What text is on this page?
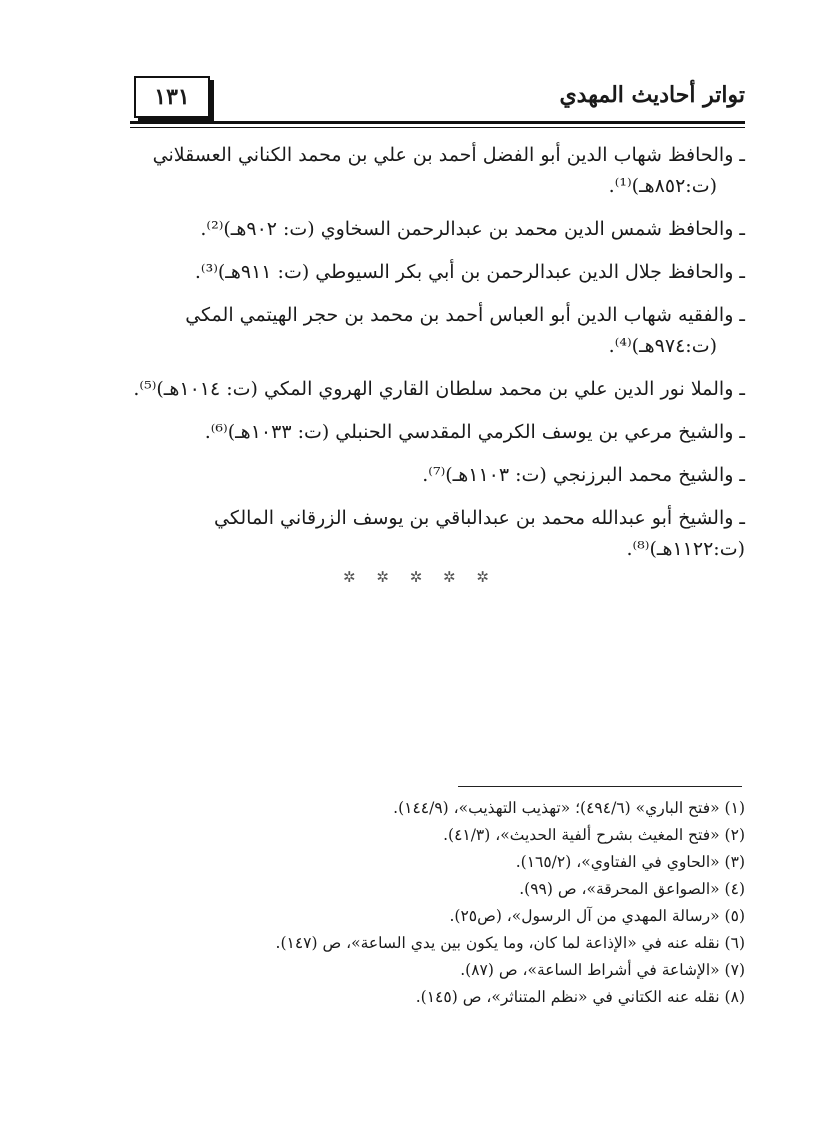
تواتر أحاديث المهدي
١٣١
ـ والحافظ شهاب الدين أبو الفضل أحمد بن علي بن محمد الكناني العسقلاني
(ت:٨٥٢هـ)⁽¹⁾.
ـ والحافظ شمس الدين محمد بن عبدالرحمن السخاوي (ت: ٩٠٢هـ)⁽²⁾.
ـ والحافظ جلال الدين عبدالرحمن بن أبي بكر السيوطي (ت: ٩١١هـ)⁽³⁾.
ـ والفقيه شهاب الدين أبو العباس أحمد بن محمد بن حجر الهيتمي المكي
(ت:٩٧٤هـ)⁽⁴⁾.
ـ والملا نور الدين علي بن محمد سلطان القاري الهروي المكي (ت: ١٠١٤هـ)⁽⁵⁾.
ـ والشيخ مرعي بن يوسف الكرمي المقدسي الحنبلي (ت: ١٠٣٣هـ)⁽⁶⁾.
ـ والشيخ محمد البرزنجي (ت: ١١٠٣هـ)⁽⁷⁾.
ـ والشيخ أبو عبدالله محمد بن عبدالباقي بن يوسف الزرقاني المالكي (ت:١١٢٢هـ)⁽⁸⁾.
✲ ✲ ✲ ✲ ✲
(١) «فتح الباري» (٤٩٤/٦)؛ «تهذيب التهذيب»، (١٤٤/٩).
(٢) «فتح المغيث بشرح ألفية الحديث»، (٤١/٣).
(٣) «الحاوي في الفتاوي»، (١٦٥/٢).
(٤) «الصواعق المحرقة»، ص (٩٩).
(٥) «رسالة المهدي من آل الرسول»، (ص٢٥).
(٦) نقله عنه في «الإذاعة لما كان، وما يكون بين يدي الساعة»، ص (١٤٧).
(٧) «الإشاعة في أشراط الساعة»، ص (٨٧).
(٨) نقله عنه الكتاني في «نظم المتناثر»، ص (١٤٥).
